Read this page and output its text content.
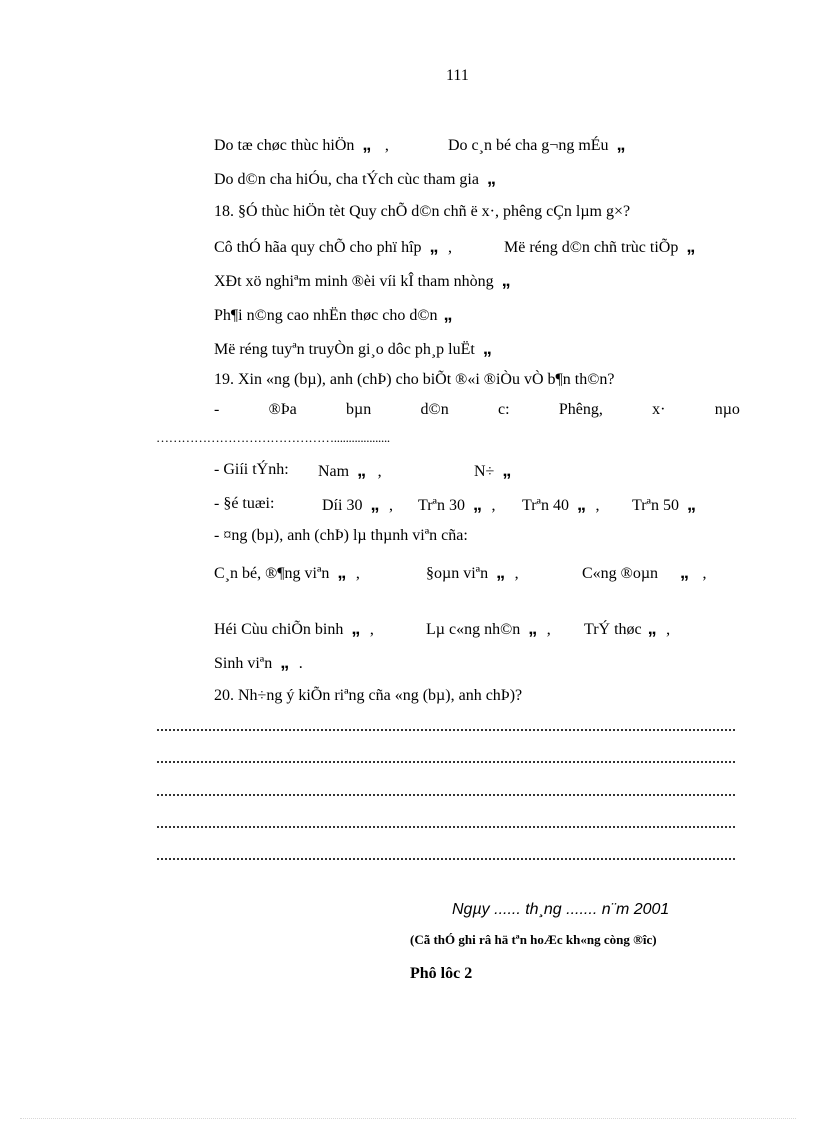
111
Do tæ chøc thùc hiÖn „ ,	Do c¸n bé cha g¬ng mÉu „
Do d©n cha hiÓu, cha tÝch cùc tham gia „
18. §Ó thùc hiÖn tèt Quy chÕ d©n chñ ë x·, phêng cÇn lµm g×?
Cô thÓ hãa quy chÕ cho phï hîp „ ,	Më réng d©n chñ trùc tiÕp „
XÐt xö nghiªm minh ®èi víi kÎ tham nhòng „
Ph¶i n©ng cao nhËn thøc cho d©n „
Më réng tuyªn truyÒn gi¸o dôc ph¸p luËt „
19. Xin «ng (bµ), anh (chÞ) cho biÕt ®«i ®iÒu vÒ b¶n th©n?
-	®Þa	bµn	d©n	c:	Phêng,	x·	nµo
……………………………………...................
- Giíi tÝnh: Nam „ ,	N÷ „
- §é tuæi:	Díi 30 „ , Trªn 30 „ , Trªn 40 „ , Trªn 50 „
- ¤ng (bµ), anh (chÞ) lµ thµnh viªn cña:
C¸n bé, ®¶ng viªn „ ,	§oµn viªn „ ,	C«ng ®oµn „ ,
Héi Cùu chiÕn binh „ ,	Lµ c«ng nh©n „ , TrÝ thøc „ ,
Sinh viªn „ .
20. Nh÷ng ý kiÕn riªng cña «ng (bµ), anh chÞ)?
Ngµy ...... th¸ng ....... n¨m 2001
(Cã thÓ ghi râ hä tªn hoÆc kh«ng còng ®îc)
Phô lôc 2
